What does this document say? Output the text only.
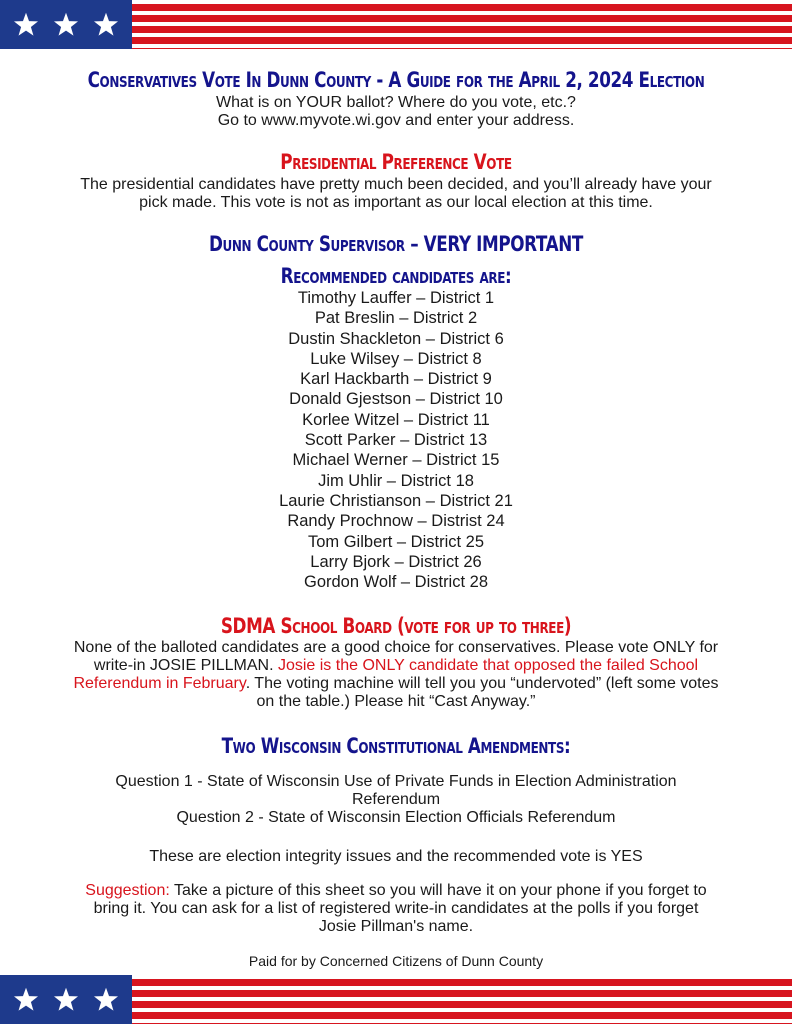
Conservatives Vote In Dunn County - A Guide for the April 2, 2024 Election
What is on YOUR ballot? Where do you vote, etc.?
Go to www.myvote.wi.gov and enter your address.
Presidential Preference Vote
The presidential candidates have pretty much been decided, and you’ll already have your
pick made. This vote is not as important as our local election at this time.
Dunn County Supervisor – VERY IMPORTANT
Recommended candidates are:
Timothy Lauffer – District 1
Pat Breslin – District 2
Dustin Shackleton – District 6
Luke Wilsey – District 8
Karl Hackbarth – District 9
Donald Gjestson – District 10
Korlee Witzel – District 11
Scott Parker – District 13
Michael Werner – District 15
Jim Uhlir – District 18
Laurie Christianson – District 21
Randy Prochnow – Distrist 24
Tom Gilbert – District 25
Larry Bjork – District 26
Gordon Wolf – District 28
SDMA School Board (vote for up to three)
None of the balloted candidates are a good choice for conservatives. Please vote ONLY for
write-in JOSIE PILLMAN. Josie is the ONLY candidate that opposed the failed School
Referendum in February. The voting machine will tell you you “undervoted” (left some votes
on the table.) Please hit “Cast Anyway.”
Two Wisconsin Constitutional Amendments:
Question 1 - State of Wisconsin Use of Private Funds in Election Administration
Referendum
Question 2 - State of Wisconsin Election Officials Referendum
These are election integrity issues and the recommended vote is YES
Suggestion: Take a picture of this sheet so you will have it on your phone if you forget to
bring it. You can ask for a list of registered write-in candidates at the polls if you forget
Josie Pillman's name.
Paid for by Concerned Citizens of Dunn County
